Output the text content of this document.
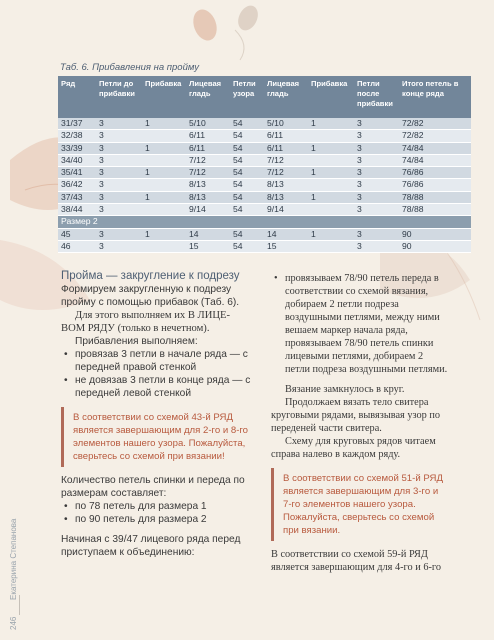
Таб. 6. Прибавления на пройму
Ряд	Петли до прибавки	Прибавка	Лицевая гладь	Петли узора	Лицевая гладь	Прибавка	Петли после прибавки	Итого петель в конце ряда
31/37	3	1	5/10	54	5/10	1	3	72/82
32/38	3		6/11	54	6/11		3	72/82
33/39	3	1	6/11	54	6/11	1	3	74/84
34/40	3		7/12	54	7/12		3	74/84
35/41	3	1	7/12	54	7/12	1	3	76/86
36/42	3		8/13	54	8/13		3	76/86
37/43	3	1	8/13	54	8/13	1	3	78/88
38/44	3		9/14	54	9/14		3	78/88
Размер 2								
45	3	1	14	54	14	1	3	90
46	3		15	54	15		3	90

Пройма — закругление к подрезу

Формируем закругленную к подрезу пройму с помощью прибавок (Таб. 6).

Для этого выполняем их В ЛИЦЕ-ВОМ РЯДУ (только в нечетном).

Прибавления выполняем:

• провязав 3 петли в начале ряда — с передней правой стенкой
• не довязав 3 петли в конце ряда — с передней левой стенкой
В соответствии со схемой 43-й РЯД является завершающим для 2-го и 8-го элементов нашего узора. Пожалуйста, сверьтесь со схемой при вязании!

Количество петель спинки и переда по размерам составляет:

• по 78 петель для размера 1
• по 90 петель для размера 2

Начиная с 39/47 лицевого ряда перед приступаем к объединению:

• провязываем 78/90 петель переда в соответствии со схемой вязания, добираем 2 петли подреза воздушными петлями, между ними вешаем маркер начала ряда, провязываем 78/90 петель спинки лицевыми петлями, добираем 2 петли подреза воздушными петлями.

Вязание замкнулось в круг.

Продолжаем вязать тело свитера круговыми рядами, вывязывая узор по переденей части свитера.

Схему для круговых рядов читаем справа налево в каждом ряду.

В соответствии со схемой 51-й РЯД является завершающим для 3-го и 7-го элементов нашего узора. Пожалуйста, сверьтесь со схемой при вязании.

В соответствии со схемой 59-й РЯД является завершающим для 4-го и 6-го

Екатерина Степанова
246
